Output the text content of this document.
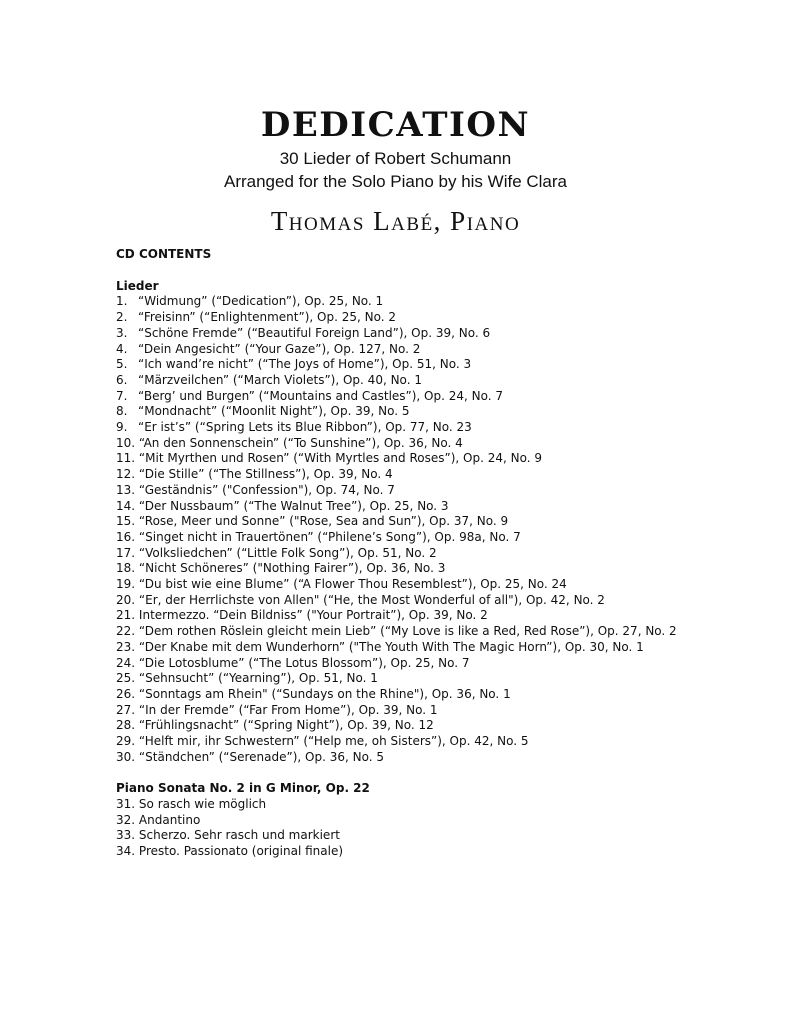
DEDICATION
30 Lieder of Robert Schumann
Arranged for the Solo Piano by his Wife Clara
Thomas Labé, Piano
CD CONTENTS
Lieder
1. “Widmung” (“Dedication”), Op. 25, No. 1
2. “Freisinn” (“Enlightenment”), Op. 25, No. 2
3. “Schöne Fremde” (“Beautiful Foreign Land”), Op. 39, No. 6
4. “Dein Angesicht” (“Your Gaze”), Op. 127, No. 2
5. “Ich wand’re nicht” (“The Joys of Home”), Op. 51, No. 3
6. “Märzveilchen” (“March Violets”), Op. 40, No. 1
7. “Berg’ und Burgen” (“Mountains and Castles”), Op. 24, No. 7
8. “Mondnacht” (“Moonlit Night”), Op. 39, No. 5
9. “Er ist’s” (“Spring Lets its Blue Ribbon”), Op. 77, No. 23
10. “An den Sonnenschein” (“To Sunshine”), Op. 36, No. 4
11. “Mit Myrthen und Rosen” (“With Myrtles and Roses”), Op. 24, No. 9
12. “Die Stille” (“The Stillness”), Op. 39, No. 4
13. “Geständnis” ("Confession"), Op. 74, No. 7
14. “Der Nussbaum” (“The Walnut Tree”), Op. 25, No. 3
15. “Rose, Meer und Sonne” ("Rose, Sea and Sun”), Op. 37, No. 9
16. “Singet nicht in Trauertönen” (“Philene’s Song”), Op. 98a, No. 7
17. “Volksliedchen” (“Little Folk Song”), Op. 51, No. 2
18. “Nicht Schöneres” ("Nothing Fairer”), Op. 36, No. 3
19. “Du bist wie eine Blume” (“A Flower Thou Resemblest”), Op. 25, No. 24
20. “Er, der Herrlichste von Allen" (“He, the Most Wonderful of all"), Op. 42, No. 2
21. Intermezzo. “Dein Bildniss” ("Your Portrait”), Op. 39, No. 2
22. “Dem rothen Röslein gleicht mein Lieb” (“My Love is like a Red, Red Rose”), Op. 27, No. 2
23. “Der Knabe mit dem Wunderhorn” ("The Youth With The Magic Horn”), Op. 30, No. 1
24. “Die Lotosblume” (“The Lotus Blossom”), Op. 25, No. 7
25. “Sehnsucht” (“Yearning”), Op. 51, No. 1
26. “Sonntags am Rhein" (“Sundays on the Rhine"), Op. 36, No. 1
27. “In der Fremde” (“Far From Home”), Op. 39, No. 1
28. “Frühlingsnacht” (“Spring Night”), Op. 39, No. 12
29. “Helft mir, ihr Schwestern” (“Help me, oh Sisters”), Op. 42, No. 5
30. “Ständchen” (“Serenade”), Op. 36, No. 5
Piano Sonata No. 2 in G Minor, Op. 22
31. So rasch wie möglich
32. Andantino
33. Scherzo. Sehr rasch und markiert
34. Presto. Passionato (original finale)
